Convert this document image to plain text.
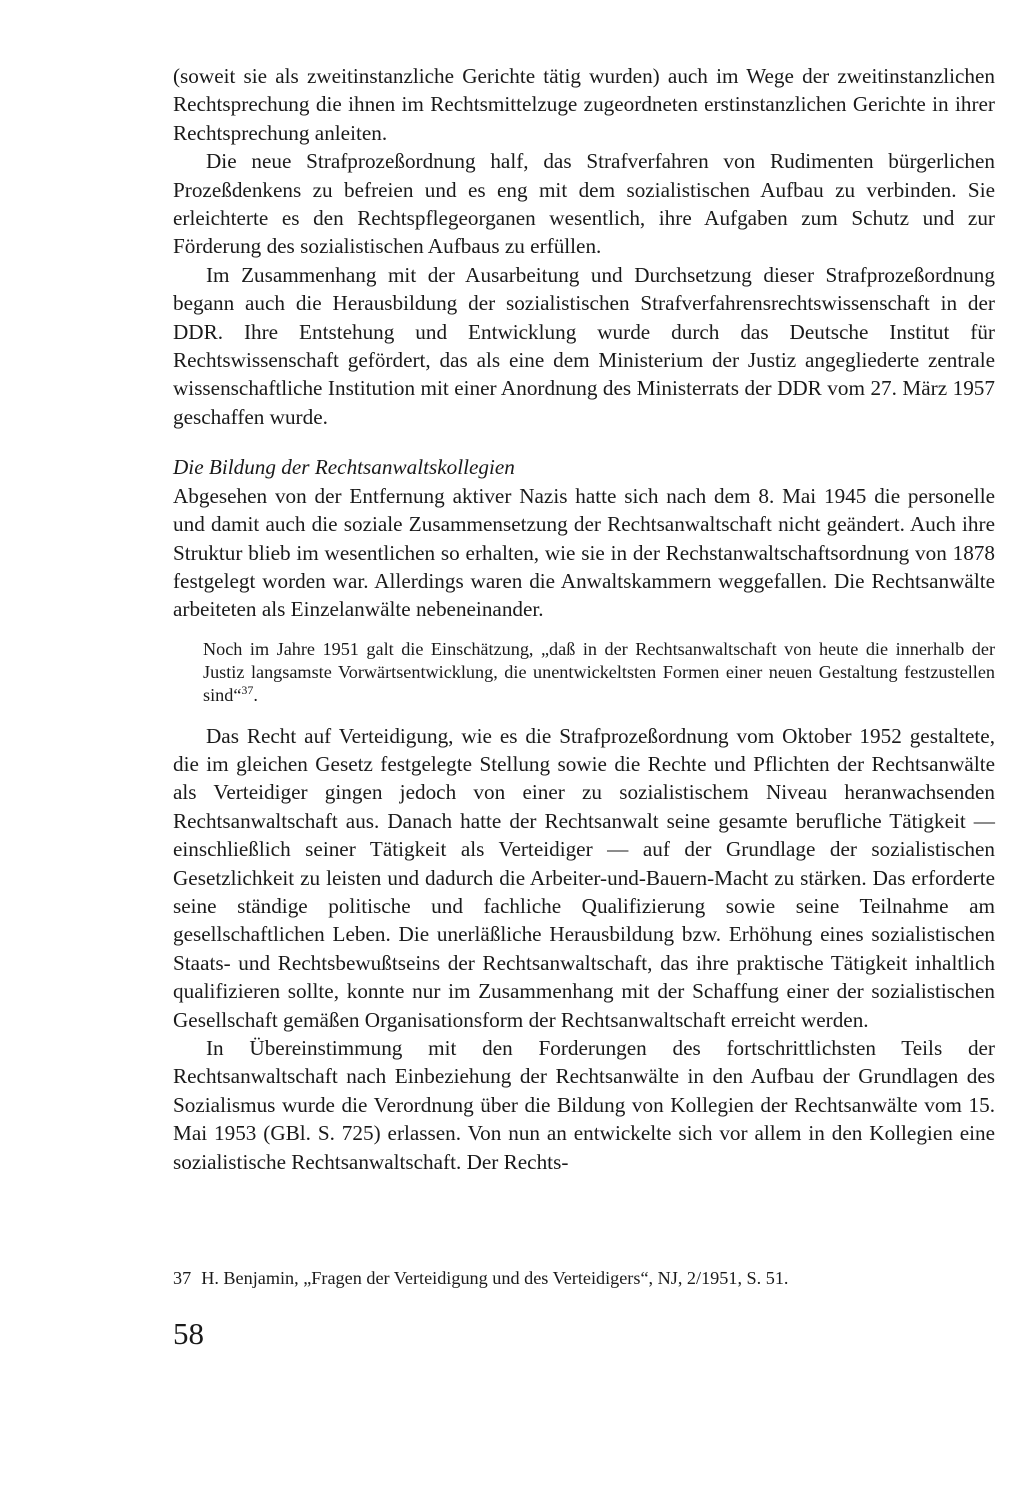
(soweit sie als zweitinstanzliche Gerichte tätig wurden) auch im Wege der zweitinstanzlichen Rechtsprechung die ihnen im Rechtsmittelzuge zugeordneten erstinstanzlichen Gerichte in ihrer Rechtsprechung anleiten.

Die neue Strafprozeßordnung half, das Strafverfahren von Rudimenten bürgerlichen Prozeßdenkens zu befreien und es eng mit dem sozialistischen Aufbau zu verbinden. Sie erleichterte es den Rechtspflegeorganen wesentlich, ihre Aufgaben zum Schutz und zur Förderung des sozialistischen Aufbaus zu erfüllen.

Im Zusammenhang mit der Ausarbeitung und Durchsetzung dieser Strafprozeßordnung begann auch die Herausbildung der sozialistischen Strafverfahrensrechtswissenschaft in der DDR. Ihre Entstehung und Entwicklung wurde durch das Deutsche Institut für Rechtswissenschaft gefördert, das als eine dem Ministerium der Justiz angegliederte zentrale wissenschaftliche Institution mit einer Anordnung des Ministerrats der DDR vom 27. März 1957 geschaffen wurde.

Die Bildung der Rechtsanwaltskollegien

Abgesehen von der Entfernung aktiver Nazis hatte sich nach dem 8. Mai 1945 die personelle und damit auch die soziale Zusammensetzung der Rechtsanwaltschaft nicht geändert. Auch ihre Struktur blieb im wesentlichen so erhalten, wie sie in der Rechstanwaltschaftsordnung von 1878 festgelegt worden war. Allerdings waren die Anwaltskammern weggefallen. Die Rechtsanwälte arbeiteten als Einzelanwälte nebeneinander.

Noch im Jahre 1951 galt die Einschätzung, „daß in der Rechtsanwaltschaft von heute die innerhalb der Justiz langsamste Vorwärtsentwicklung, die unentwickeltsten Formen einer neuen Gestaltung festzustellen sind“$^{37}$.

Das Recht auf Verteidigung, wie es die Strafprozeßordnung vom Oktober 1952 gestaltete, die im gleichen Gesetz festgelegte Stellung sowie die Rechte und Pflichten der Rechtsanwälte als Verteidiger gingen jedoch von einer zu sozialistischem Niveau heranwachsenden Rechtsanwaltschaft aus. Danach hatte der Rechtsanwalt seine gesamte berufliche Tätigkeit — einschließlich seiner Tätigkeit als Verteidiger — auf der Grundlage der sozialistischen Gesetzlichkeit zu leisten und dadurch die Arbeiter-und-Bauern-Macht zu stärken. Das erforderte seine ständige politische und fachliche Qualifizierung sowie seine Teilnahme am gesellschaftlichen Leben. Die unerläßliche Herausbildung bzw. Erhöhung eines sozialistischen Staats- und Rechtsbewußtseins der Rechtsanwaltschaft, das ihre praktische Tätigkeit inhaltlich qualifizieren sollte, konnte nur im Zusammenhang mit der Schaffung einer der sozialistischen Gesellschaft gemäßen Organisationsform der Rechtsanwaltschaft erreicht werden.

In Übereinstimmung mit den Forderungen des fortschrittlichsten Teils der Rechtsanwaltschaft nach Einbeziehung der Rechtsanwälte in den Aufbau der Grundlagen des Sozialismus wurde die Verordnung über die Bildung von Kollegien der Rechtsanwälte vom 15. Mai 1953 (GBl. S. 725) erlassen. Von nun an entwickelte sich vor allem in den Kollegien eine sozialistische Rechtsanwaltschaft. Der Rechts-

37 H. Benjamin, „Fragen der Verteidigung und des Verteidigers“, NJ, 2/1951, S. 51.

58
